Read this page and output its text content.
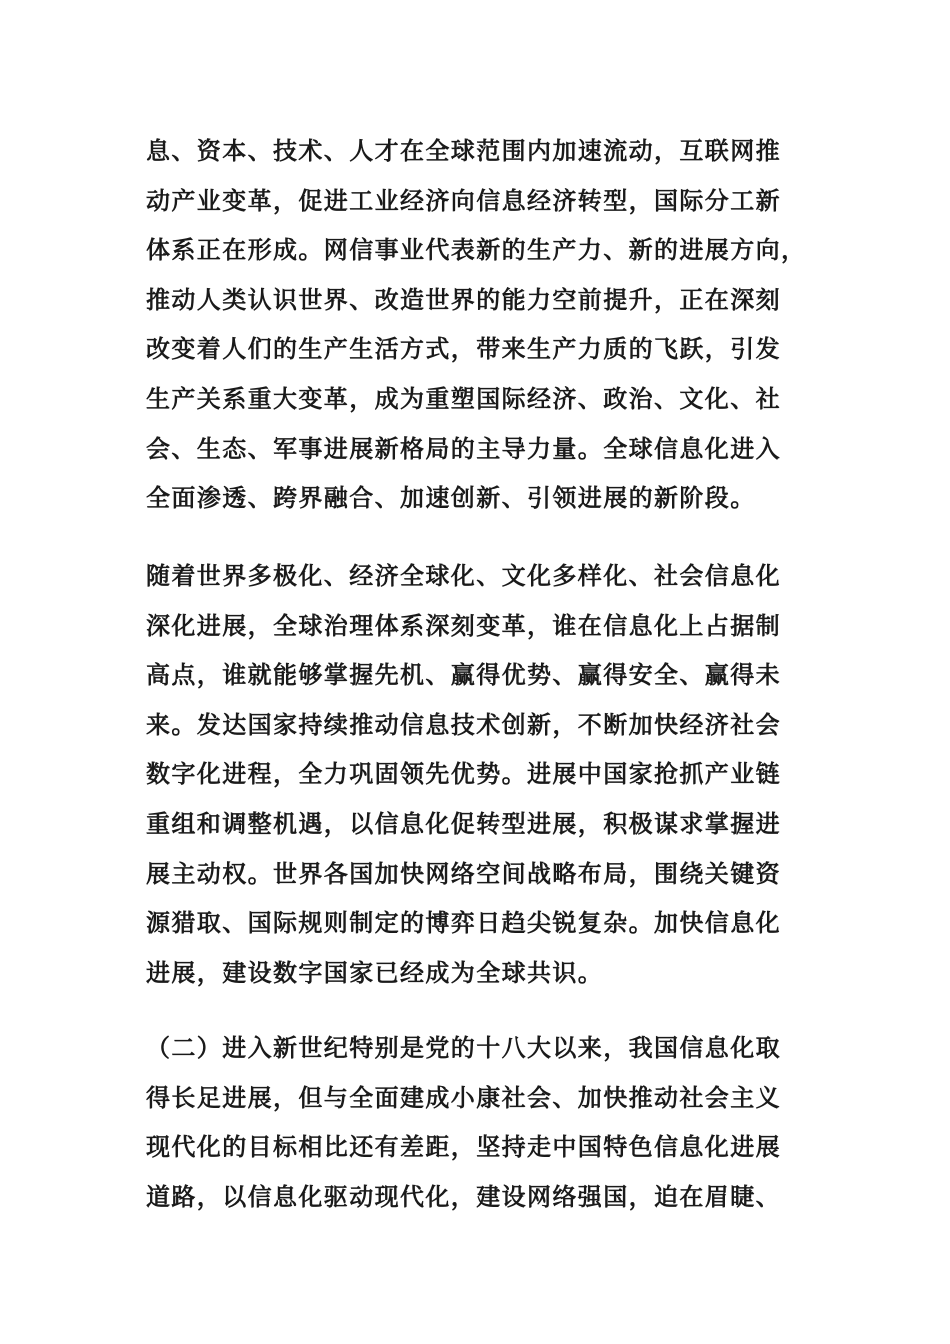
息、资本、技术、人才在全球范围内加速流动，互联网推
动产业变革，促进工业经济向信息经济转型，国际分工新
体系正在形成。网信事业代表新的生产力、新的进展方向，
推动人类认识世界、改造世界的能力空前提升，正在深刻
改变着人们的生产生活方式，带来生产力质的飞跃，引发
生产关系重大变革，成为重塑国际经济、政治、文化、社
会、生态、军事进展新格局的主导力量。全球信息化进入
全面渗透、跨界融合、加速创新、引领进展的新阶段。
随着世界多极化、经济全球化、文化多样化、社会信息化
深化进展，全球治理体系深刻变革，谁在信息化上占据制
高点，谁就能够掌握先机、赢得优势、赢得安全、赢得未
来。发达国家持续推动信息技术创新，不断加快经济社会
数字化进程，全力巩固领先优势。进展中国家抢抓产业链
重组和调整机遇，以信息化促转型进展，积极谋求掌握进
展主动权。世界各国加快网络空间战略布局，围绕关键资
源猎取、国际规则制定的博弈日趋尖锐复杂。加快信息化
进展，建设数字国家已经成为全球共识。
（二）进入新世纪特别是党的十八大以来，我国信息化取
得长足进展，但与全面建成小康社会、加快推动社会主义
现代化的目标相比还有差距，坚持走中国特色信息化进展
道路，以信息化驱动现代化，建设网络强国，迫在眉睫、
